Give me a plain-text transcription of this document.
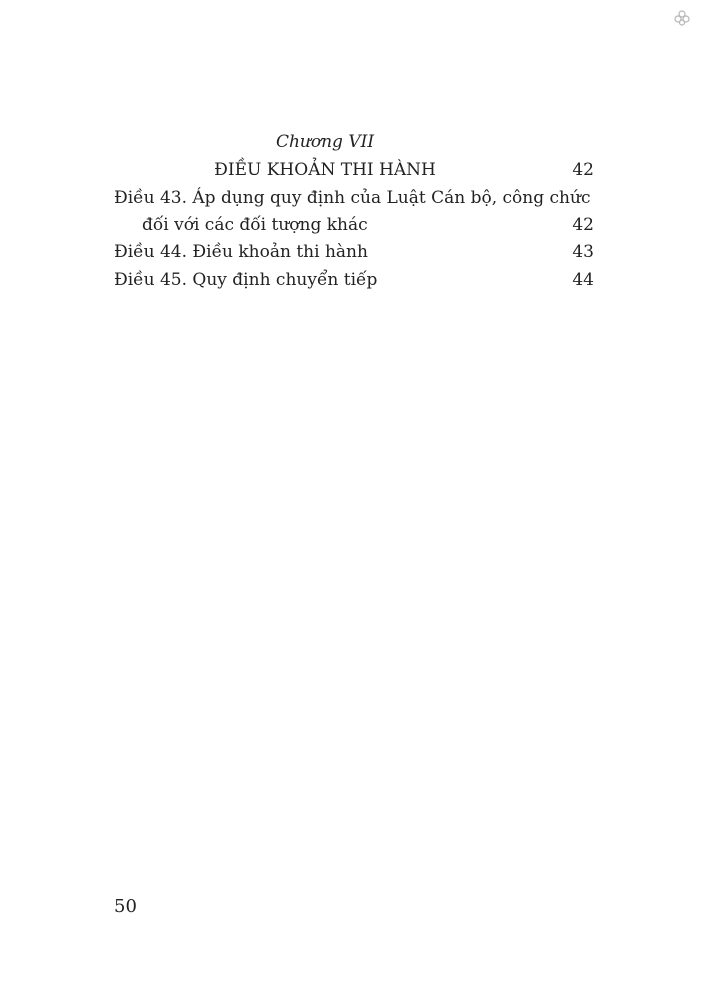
Chương VII
ĐIỀU KHOẢN THI HÀNH	42
Điều 43. Áp dụng quy định của Luật Cán bộ, công chức
đối với các đối tượng khác	42
Điều 44. Điều khoản thi hành	43
Điều 45. Quy định chuyển tiếp	44
50
